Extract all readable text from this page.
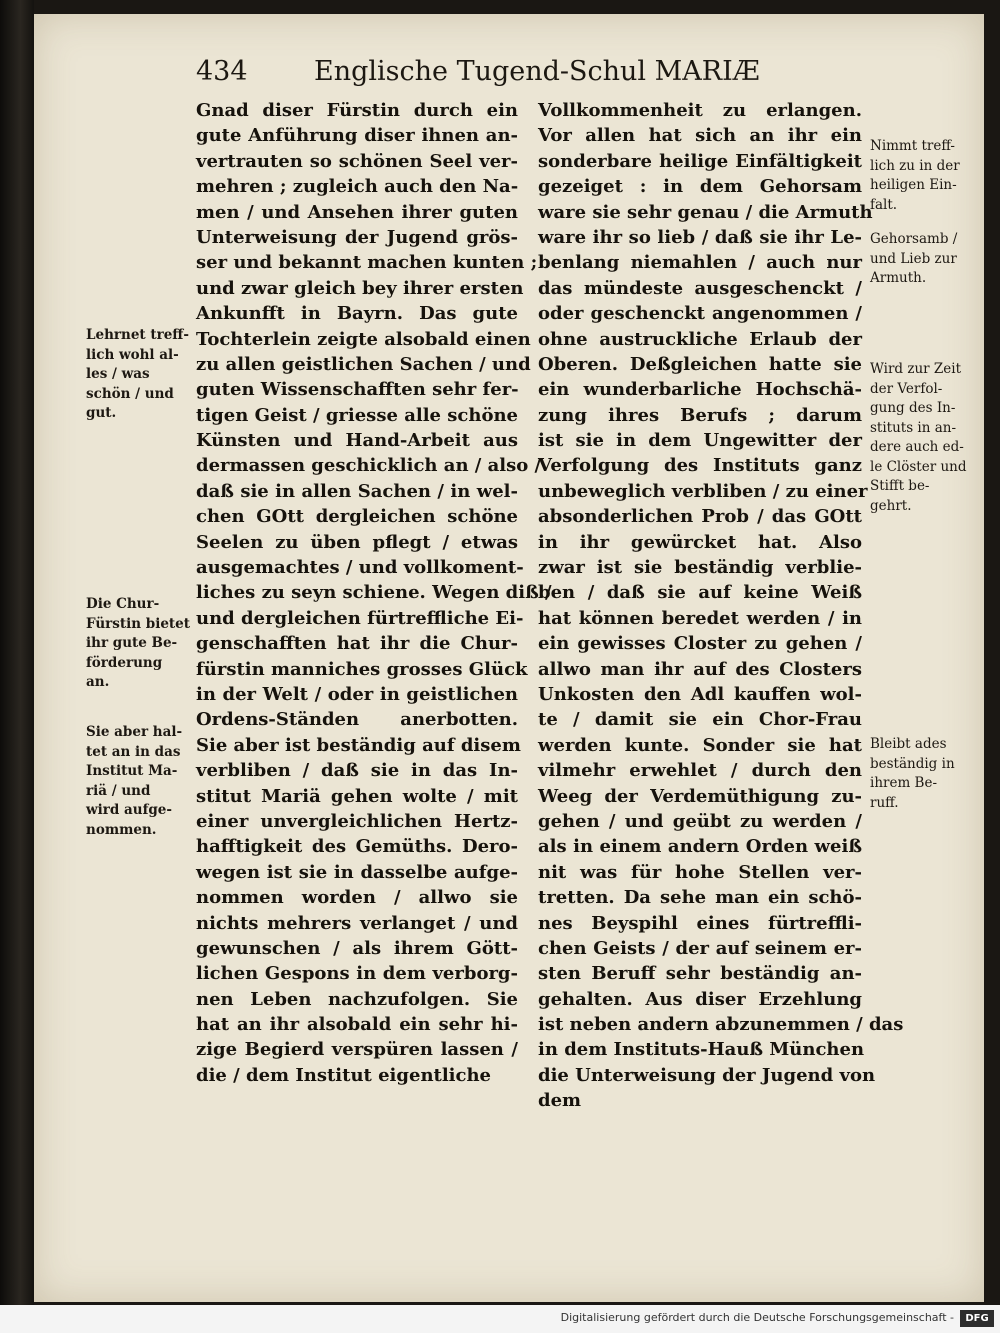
434 Englische Tugend-Schul MARIÆ
Gnad diser Fürstin durch ein
gute Anführung diser ihnen an-
vertrauten so schönen Seel ver-
mehren ; zugleich auch den Na-
men / und Ansehen ihrer guten
Unterweisung der Jugend grös-
ser und bekannt machen kunten ;
und zwar gleich bey ihrer ersten
Ankunfft in Bayrn. Das gute
Tochterlein zeigte alsobald einen
zu allen geistlichen Sachen / und
guten Wissenschafften sehr fer-
tigen Geist / griesse alle schöne
Künsten und Hand-Arbeit aus
dermassen geschicklich an / also /
daß sie in allen Sachen / in wel-
chen GOtt dergleichen schöne
Seelen zu üben pflegt / etwas
ausgemachtes / und vollkoment-
liches zu seyn schiene. Wegen diß /
und dergleichen fürtreffliche Ei-
genschafften hat ihr die Chur-
fürstin manniches grosses Glück
in der Welt / oder in geistlichen
Ordens-Ständen anerbotten.
Sie aber ist beständig auf disem
verbliben / daß sie in das In-
stitut Mariä gehen wolte / mit
einer unvergleichlichen Hertz-
hafftigkeit des Gemüths. Dero-
wegen ist sie in dasselbe aufge-
nommen worden / allwo sie
nichts mehrers verlanget / und
gewunschen / als ihrem Gött-
lichen Gespons in dem verborg-
nen Leben nachzufolgen. Sie
hat an ihr alsobald ein sehr hi-
zige Begierd verspüren lassen /
die / dem Institut eigentliche
Vollkommenheit zu erlangen.
Vor allen hat sich an ihr ein
sonderbare heilige Einfältigkeit
gezeiget : in dem Gehorsam
ware sie sehr genau / die Armuth
ware ihr so lieb / daß sie ihr Le-
benlang niemahlen / auch nur
das mündeste ausgeschenckt /
oder geschenckt angenommen /
ohne austruckliche Erlaub der
Oberen. Deßgleichen hatte sie
ein wunderbarliche Hochschä-
zung ihres Berufs ; darum
ist sie in dem Ungewitter der
Verfolgung des Instituts ganz
unbeweglich verbliben / zu einer
absonderlichen Prob / das GOtt
in ihr gewürcket hat. Also
zwar ist sie beständig verblie-
ben / daß sie auf keine Weiß
hat können beredet werden / in
ein gewisses Closter zu gehen /
allwo man ihr auf des Closters
Unkosten den Adl kauffen wol-
te / damit sie ein Chor-Frau
werden kunte. Sonder sie hat
vilmehr erwehlet / durch den
Weeg der Verdemüthigung zu-
gehen / und geübt zu werden /
als in einem andern Orden weiß
nit was für hohe Stellen ver-
tretten. Da sehe man ein schö-
nes Beyspihl eines fürtreffli-
chen Geists / der auf seinem er-
sten Beruff sehr beständig an-
gehalten. Aus diser Erzehlung
ist neben andern abzunemmen / das
in dem Instituts-Hauß München
die Unterweisung der Jugend von
dem
Lehrnet treff-
lich wohl al-
les / was
schön / und
gut.
Die Chur-
Fürstin bietet
ihr gute Be-
förderung
an.
Sie aber hal-
tet an in das
Institut Ma-
riä / und
wird aufge-
nommen.
Nimmt treff-
lich zu in der
heiligen Ein-
falt.
Gehorsamb /
und Lieb zur
Armuth.
Wird zur Zeit
der Verfol-
gung des In-
stituts in an-
dere auch ed-
le Clöster und
Stifft be-
gehrt.
Bleibt ades
beständig in
ihrem Be-
ruff.
Digitalisierung gefördert durch die Deutsche Forschungsgemeinschaft -	DFG
